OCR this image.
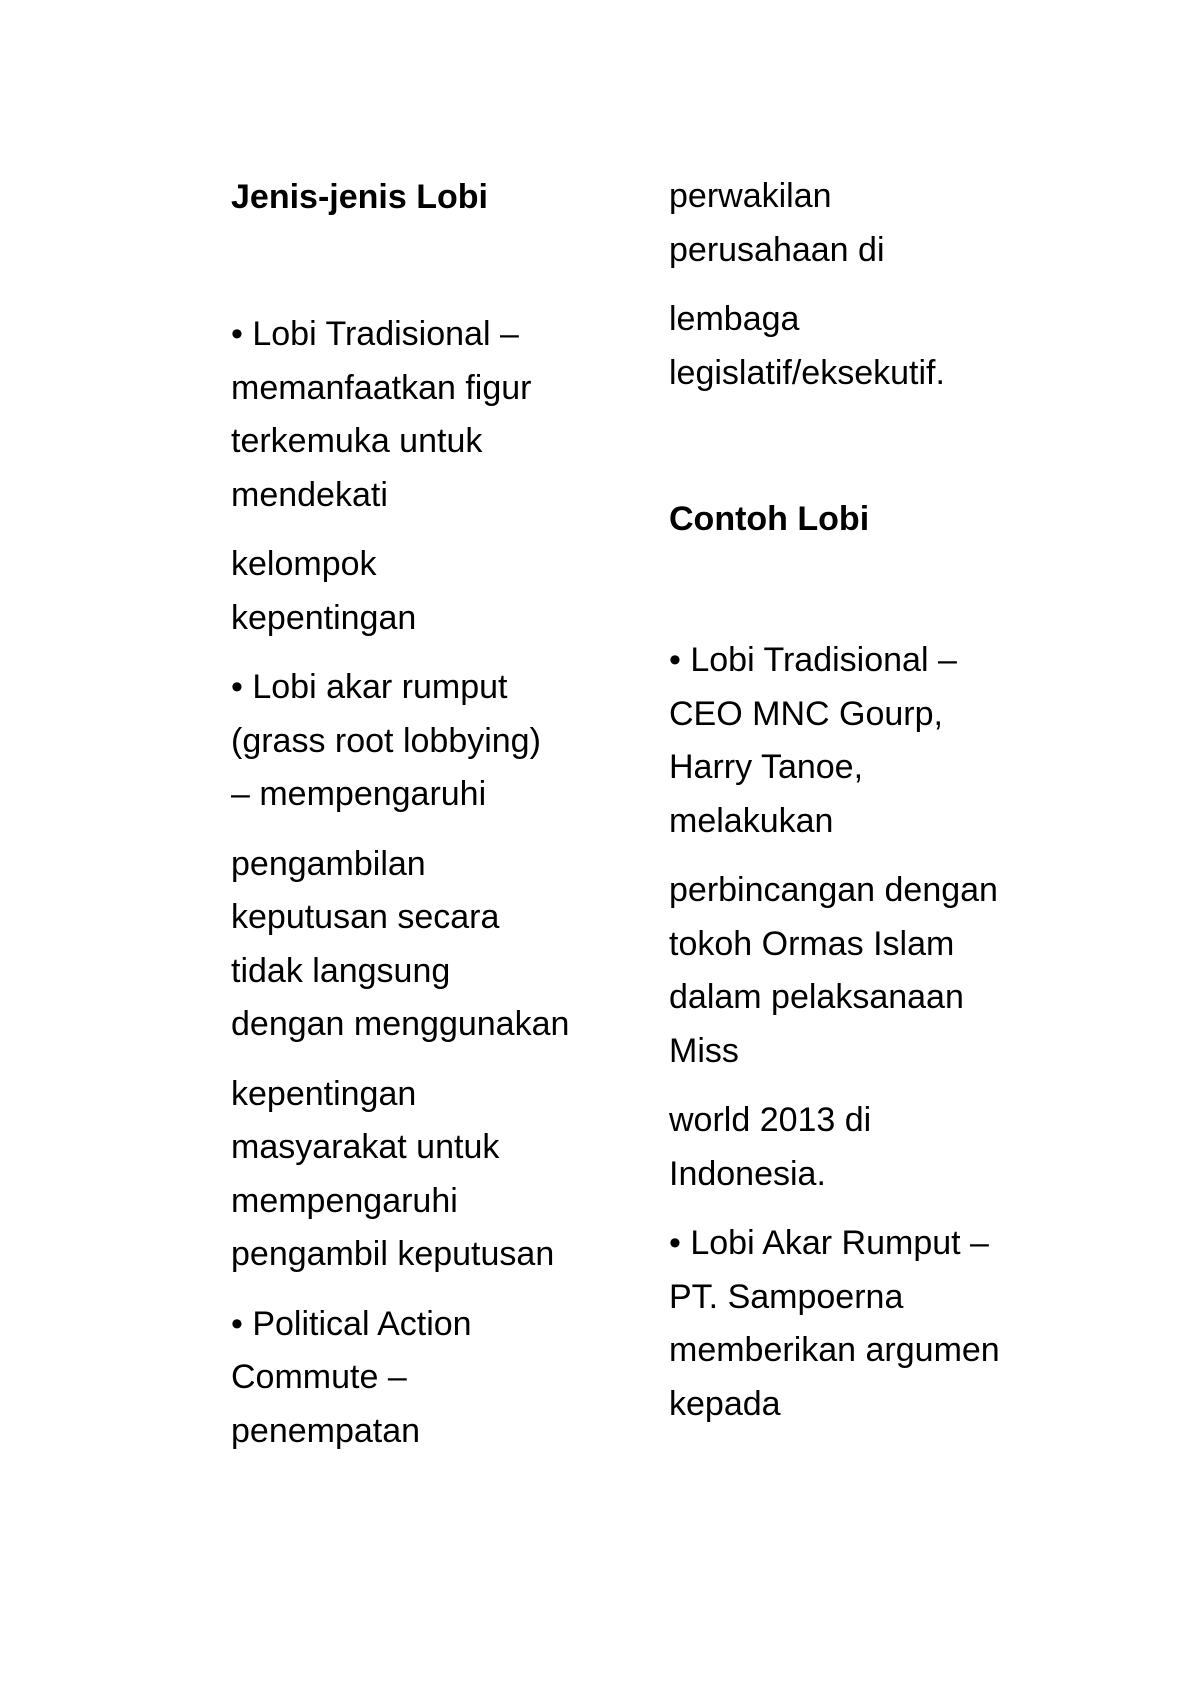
Jenis-jenis Lobi

• Lobi Tradisional –
memanfaatkan figur
terkemuka untuk
mendekati

kelompok
kepentingan

• Lobi akar rumput
(grass root lobbying)
– mempengaruhi

pengambilan
keputusan secara
tidak langsung
dengan menggunakan

kepentingan
masyarakat untuk
mempengaruhi
pengambil keputusan

• Political Action
Commute –
penempatan

perwakilan
perusahaan di

lembaga
legislatif/eksekutif.

Contoh Lobi

• Lobi Tradisional –
CEO MNC Gourp,
Harry Tanoe,
melakukan

perbincangan dengan
tokoh Ormas Islam
dalam pelaksanaan
Miss

world 2013 di
Indonesia.

• Lobi Akar Rumput –
PT. Sampoerna
memberikan argumen
kepada
